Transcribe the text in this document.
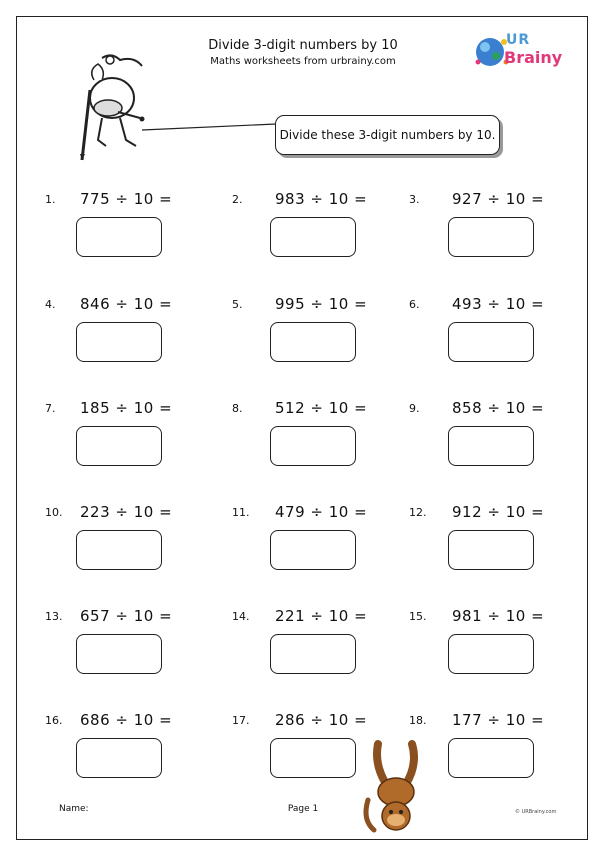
Divide 3-digit numbers by 10
Maths worksheets from urbrainy.com
UR
Brainy
Divide these 3-digit numbers by 10.
1. 775 ÷ 10 =	2. 983 ÷ 10 =	3. 927 ÷ 10 =
4. 846 ÷ 10 =	5. 995 ÷ 10 =	6. 493 ÷ 10 =
7. 185 ÷ 10 =	8. 512 ÷ 10 =	9. 858 ÷ 10 =
10. 223 ÷ 10 =	11. 479 ÷ 10 =	12. 912 ÷ 10 =
13. 657 ÷ 10 =	14. 221 ÷ 10 =	15. 981 ÷ 10 =
16. 686 ÷ 10 =	17. 286 ÷ 10 =	18. 177 ÷ 10 =
Name:	Page 1	© URBrainy.com
